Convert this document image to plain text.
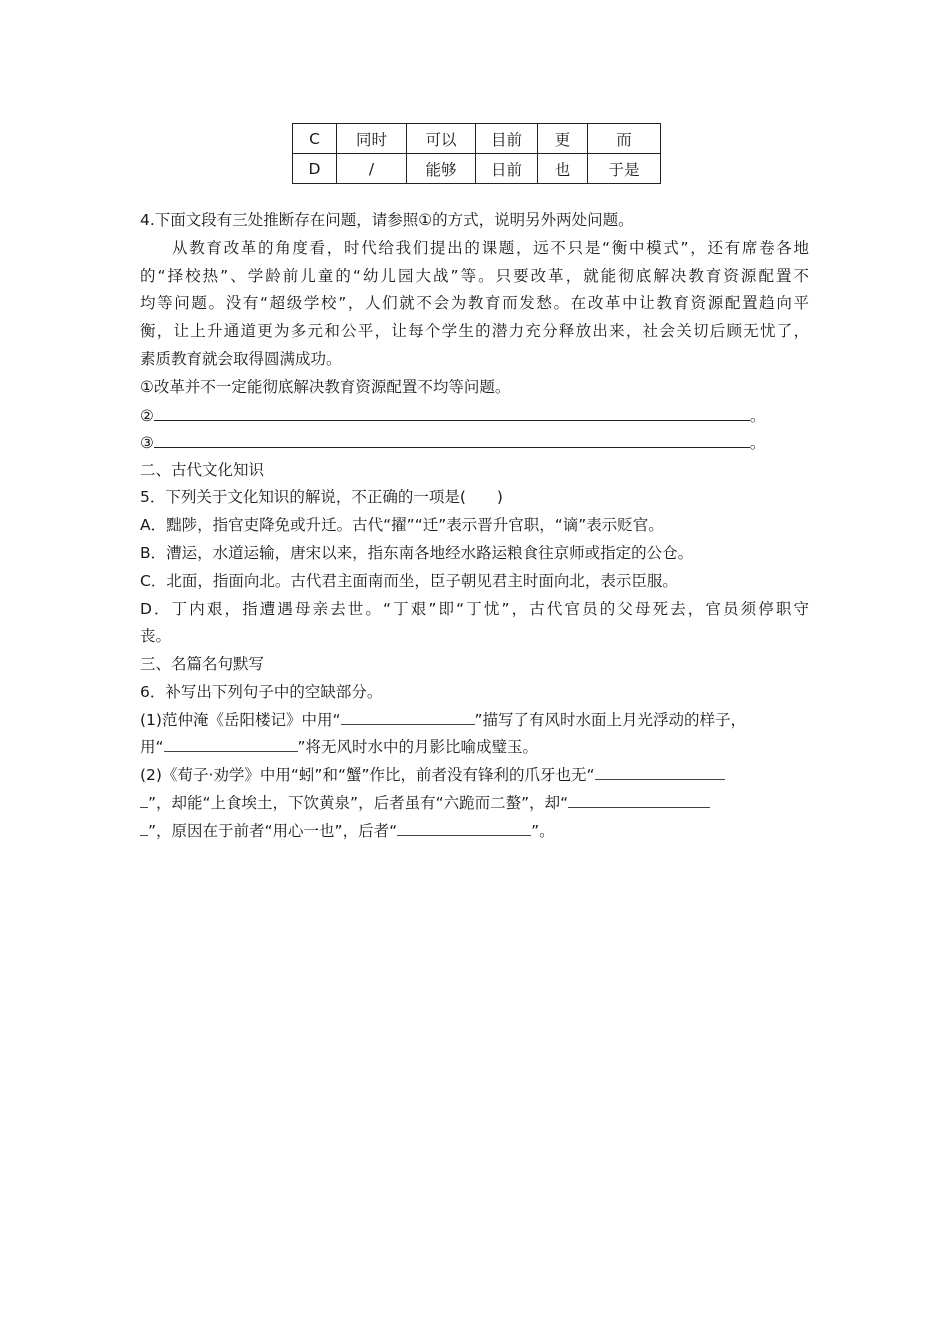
C	同时	可以	目前	更	而
D	/	能够	日前	也	于是
4.下面文段有三处推断存在问题，请参照①的方式，说明另外两处问题。
从教育改革的角度看，时代给我们提出的课题，远不只是“衡中模式”，还有席卷各地
的“择校热”、学龄前儿童的“幼儿园大战”等。只要改革，就能彻底解决教育资源配置不
均等问题。没有“超级学校”，人们就不会为教育而发愁。在改革中让教育资源配置趋向平
衡，让上升通道更为多元和公平，让每个学生的潜力充分释放出来，社会关切后顾无忧了，
素质教育就会取得圆满成功。
①改革并不一定能彻底解决教育资源配置不均等问题。
②	。
③	。
二、古代文化知识
5．下列关于文化知识的解说，不正确的一项是(　　)
A．黜陟，指官吏降免或升迁。古代“擢”“迁”表示晋升官职，“谪”表示贬官。
B．漕运，水道运输，唐宋以来，指东南各地经水路运粮食往京师或指定的公仓。
C．北面，指面向北。古代君主面南而坐，臣子朝见君主时面向北，表示臣服。
D．丁内艰，指遭遇母亲去世。“丁艰”即“丁忧”，古代官员的父母死去，官员须停职守
丧。
三、名篇名句默写
6．补写出下列句子中的空缺部分。
(1)范仲淹《岳阳楼记》中用“	”描写了有风时水面上月光浮动的样子，
用“	”将无风时水中的月影比喻成璧玉。
(2)《荀子·劝学》中用“蚓”和“蟹”作比，前者没有锋利的爪牙也无“
”，却能“上食埃土，下饮黄泉”，后者虽有“六跪而二螯”，却“
”，原因在于前者“用心一也”，后者“	”。
